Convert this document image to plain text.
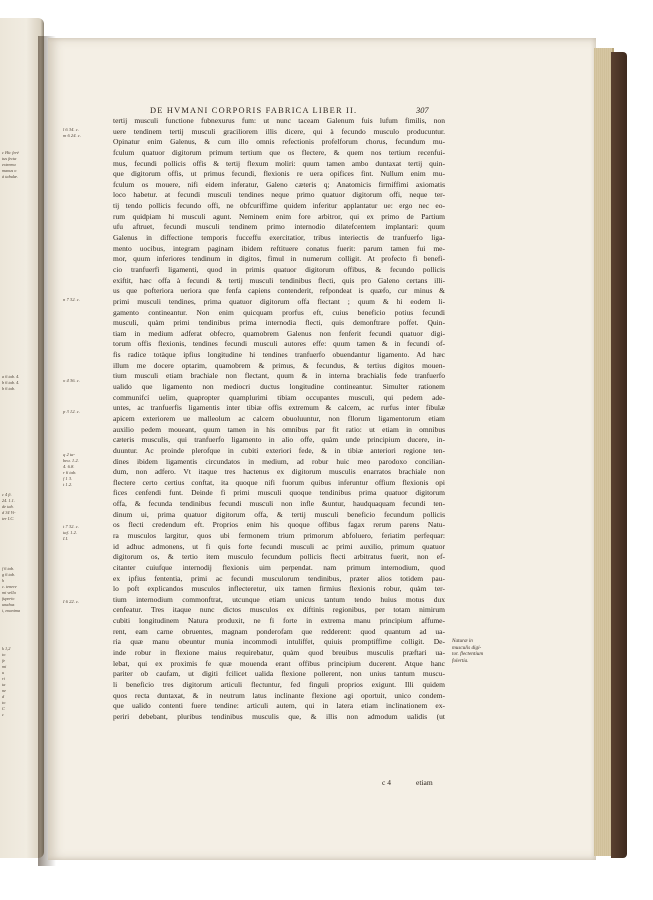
c Hic ferè
tus fecta
extremu
manus o
à tabulæ.
a 6 tab. 4.
b 6 tab. 4.
b 6 tab.
c 4 fi.
24. 1.1.
de tab.
d 34 Vi-
ter I.C.
f 6 tab.
g 6 tab.
h
c. tenere
mi vella
fuperio
unabus
i, enanima
k 1,2
to
fe
mi
u
ri
ta
ne
d
to
C
c
DE HVMANI CORPORIS FABRICA LIBER II.	307
tertij musculi functione fubnexurus fum: ut nunc taceam Galenum fuis lufum fimilis, non
uere tendinem tertij musculi graciliorem illis dicere, qui à fecundo musculo producuntur.
Opinatur enim Galenus, & cum illo omnis refectionis profelforum chorus, fecundum mu-
fculum quatuor digitorum primum tertium que os flectere, & quem nos tertium recenfui-
mus, fecundi pollicis offis & tertij flexum moliri: quum tamen ambo duntaxat tertij quin-
que digitorum offis, ut primus fecundi, flexionis re uera opifices fint. Nullum enim mu-
fculum os mouere, nifi eidem inferatur, Galeno cæteris q; Anatomicis firmiffimi axiomatis
loco habetur. at fecundi musculi tendines neque primo quatuor digitorum offi, neque ter-
tij tendo pollicis fecundo offi, ne obfcuriffime quidem inferitur applantatur ue: ergo nec eo-
rum quidpiam hi musculi agunt. Neminem enim fore arbitror, qui ex primo de Partium
ufu aftruet, fecundi musculi tendinem primo internodio dilatefcentem implantari: quum
Galenus in diffectione temporis fucceffu exercitatior, tribus interiectis de tranfuerfo liga-
mento uocibus, integram paginam ibidem reftituere conatus fuerit: parum tamen fui me-
mor, quum inferiores tendinum in digitos, fimul in numerum colligit. At profecto fi benefi-
cio tranfuerfi ligamenti, quod in primis quatuor digitorum offibus, & fecundo pollicis
exiftit, hæc offa à fecundi & tertij musculi tendinibus flecti, quis pro Galeno certans illi-
us que pofteriora ueriora que fenfa capiens contenderit, refpondeat is quæfo, cur minus &
primi musculi tendines, prima quatuor digitorum offa flectant ; quum & hi eodem li-
gamento contineantur. Non enim quicquam prorfus eft, cuius beneficio potius fecundi
musculi, quàm primi tendinibus prima internodia flecti, quis demonftrare poffet. Quin-
tiam in medium adferat obfecro, quamobrem Galenus non fenferit fecundi quatuor digi-
torum offis flexionis, tendines fecundi musculi autores effe: quum tamen & in fecundi of-
fis radice totàque ipfius longitudine hi tendines tranfuerfo obuendantur ligamento. Ad hæc
illum me docere optarim, quamobrem & primus, & fecundus, & tertius digitos mouen-
tium musculi etiam brachiale non flectant, quum & in interna brachialis fede tranfuerfo
ualido que ligamento non mediocri ductus longitudine contineantur. Simulter rationem
communifcí uelim, quapropter quamplurimi tibiam occupantes musculi, qui pedem ade-
untes, ac tranfuerfis ligamentis inter tibiæ offis extremum & calcem, ac rurfus inter fibulæ
apicem exteriorem ue malleolum ac calcem obuoluuntur, non fllorum ligamentorum etiam
auxilio pedem moueant, quum tamen in his omnibus par fit ratio: ut etiam in omnibus
cæteris musculis, qui tranfuerfo ligamento in alio offe, quàm unde principium ducere, in-
duuntur. Ac proinde plerofque in cubiti exteriori fede, & in tibiæ anteriori regione ten-
dines ibidem ligamentis circundatos in medium, ad robur huic meo parodoxo concilian-
dum, non adfero. Vt itaque tres hactenus ex digitorum musculis enarratos brachiale non
flectere certo certius conftat, ita quoque nifi fuorum quibus inferuntur offium flexionis opi
fices cenfendi funt. Deinde fi primi musculi quoque tendinibus prima quatuor digitorum
offa, & fecunda tendinibus fecundi musculi non infle &untur, haudquaquam fecundi ten-
dinum ui, prima quatuor digitorum offa, & tertij musculi beneficio fecundum pollicis
os flecti credendum eft. Proprios enim his quoque offibus fagax rerum parens Natu-
ra musculos largitur, quos ubi fermonem trium primorum abfoluero, feriatim perfequar:
id adhuc admonens, ut fi quis forte fecundi musculi ac primi auxilio, primum quatuor
digitorum os, & tertio item musculo fecundum pollicis flecti arbitratus fuerit, non ef-
citanter cuiufque internodij flexionis uim perpendat. nam primum internodium, quod
ex ipfius fententia, primi ac fecundi musculorum tendinibus, præter alios totidem pau-
lo poft explicandos musculos inflecteretur, uix tamen firmius flexionis robur, quàm ter-
tium internodium commonftrat, utcunque etiam unicus tantum tendo huius motus dux
cenfeatur. Tres itaque nunc dictos musculos ex diftinis regionibus, per totam nimirum
cubiti longitudinem Natura produxit, ne fi forte in extrema manu principium affume-
rent, eam carne obruentes, magnam ponderofam que redderent: quod quantum ad ua-
ria quæ manu obeuntur munia incommodi intuliffet, quiuis promptiffime colligit. De-
inde robur in flexione maius requirebatur, quàm quod breuibus musculis præftari ua-
lebat, qui ex proximis fe quæ mouenda erant offibus principium ducerent. Atque hanc
pariter ob caufam, ut digiti fcilicet ualida flexione pollerent, non unius tantum muscu-
li beneficio tres digitorum articuli flectuntur, fed finguli proprios exigunt. Illi quidem
quos recta duntaxat, & in neutrum latus inclinante flexione agi oportuit, unico condem-
que ualido contenti fuere tendine: articuli autem, qui in latera etiam inclinationem ex-
periri debebant, pluribus tendinibus musculis que, & illis non admodum ualidis (ut
l 6 34. c.
m 6 24. c.
n 7 32. c.
o 4 36. c.
p 3 12. c.
q 2 ta-
beu. 1.2.
4. 6.8.
r 6 tab.
f 1 3.
t 1.2.
t 7 32. c.
taf. 1.2.
I.I.
I 6 22. c.
Naturæ in
musculis digi-
tor. flectentium
folertia.
c 4	etiam
